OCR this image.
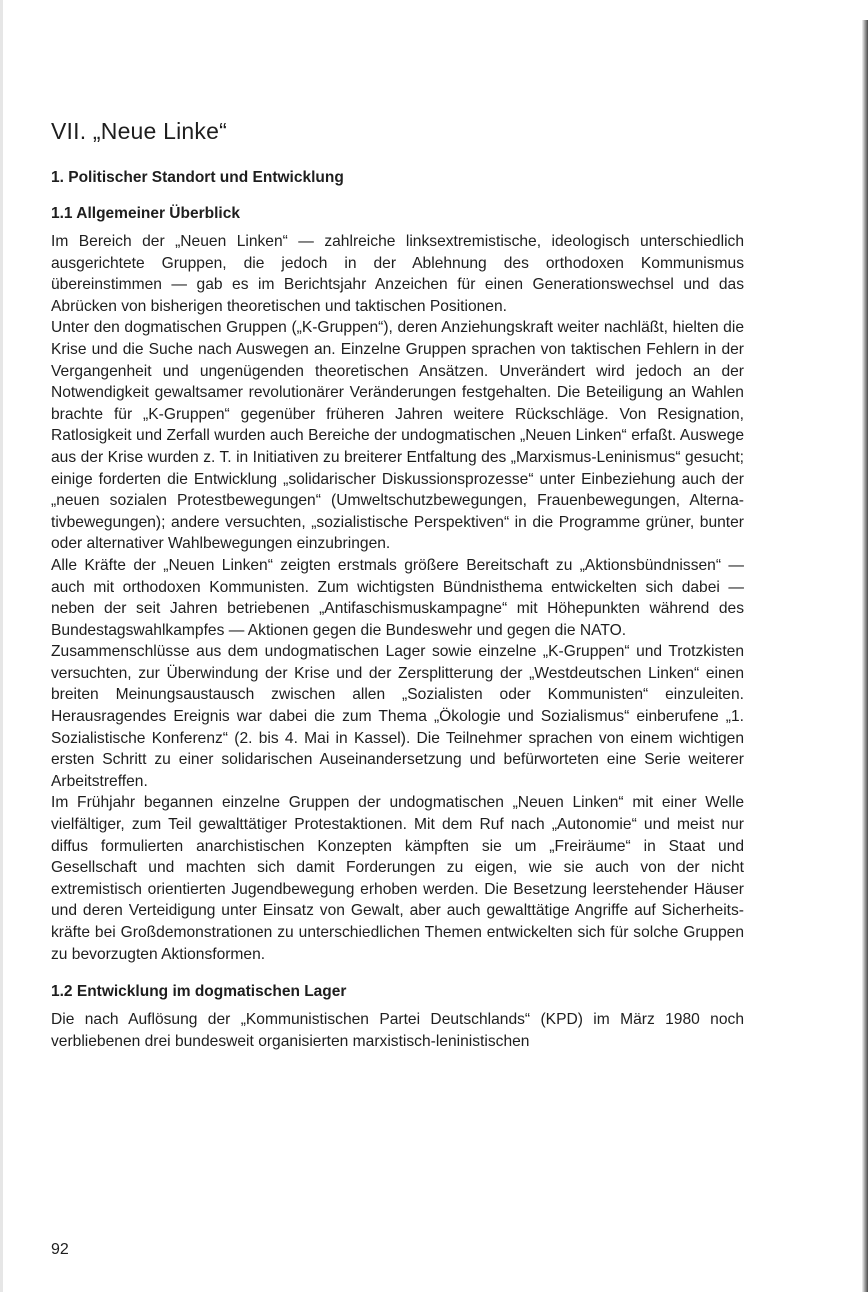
VII. „Neue Linke“
1. Politischer Standort und Entwicklung
1.1 Allgemeiner Überblick

Im Bereich der „Neuen Linken“ — zahlreiche linksextremistische, ideologisch unterschiedlich ausgerichtete Gruppen, die jedoch in der Ablehnung des orthodoxen Kommunismus übereinstimmen — gab es im Berichtsjahr Anzeichen für einen Generationswechsel und das Abrücken von bisherigen theoretischen und taktischen Positionen.

Unter den dogmatischen Gruppen („K-Gruppen“), deren Anziehungskraft weiter nachläßt, hielten die Krise und die Suche nach Auswegen an. Einzelne Gruppen sprachen von taktischen Fehlern in der Vergangenheit und ungenügenden theoretischen Ansätzen. Unverändert wird jedoch an der Notwendigkeit gewaltsamer revolutionärer Veränderungen festgehalten. Die Beteiligung an Wahlen brachte für „K-Gruppen“ gegenüber früheren Jahren weitere Rückschläge. Von Resignation, Ratlosigkeit und Zerfall wurden auch Bereiche der undogmatischen „Neuen Linken“ erfaßt. Auswege aus der Krise wurden z. T. in Initiativen zu breiterer Entfaltung des „Marxismus-Leninismus“ gesucht; einige forderten die Entwicklung „solidarischer Diskussionsprozesse“ unter Einbeziehung auch der „neuen sozialen Protestbewegungen“ (Umweltschutzbewegungen, Frauenbewegungen, Alternativbewegungen); andere versuchten, „sozialistische Perspektiven“ in die Programme grüner, bunter oder alternativer Wahlbewegungen einzubringen.

Alle Kräfte der „Neuen Linken“ zeigten erstmals größere Bereitschaft zu „Aktionsbündnissen“ — auch mit orthodoxen Kommunisten. Zum wichtigsten Bündnisthema entwickelten sich dabei — neben der seit Jahren betriebenen „Antifaschismuskampagne“ mit Höhepunkten während des Bundestagswahlkampfes — Aktionen gegen die Bundeswehr und gegen die NATO.

Zusammenschlüsse aus dem undogmatischen Lager sowie einzelne „K-Gruppen“ und Trotzkisten versuchten, zur Überwindung der Krise und der Zersplitterung der „Westdeutschen Linken“ einen breiten Meinungsaustausch zwischen allen „Sozialisten oder Kommunisten“ einzuleiten. Herausragendes Ereignis war dabei die zum Thema „Ökologie und Sozialismus“ einberufene „1. Sozialistische Konferenz“ (2. bis 4. Mai in Kassel). Die Teilnehmer sprachen von einem wichtigen ersten Schritt zu einer solidarischen Auseinandersetzung und befürworteten eine Serie weiterer Arbeitstreffen.

Im Frühjahr begannen einzelne Gruppen der undogmatischen „Neuen Linken“ mit einer Welle vielfältiger, zum Teil gewalttätiger Protestaktionen. Mit dem Ruf nach „Autonomie“ und meist nur diffus formulierten anarchistischen Konzepten kämpften sie um „Freiräume“ in Staat und Gesellschaft und machten sich damit Forderungen zu eigen, wie sie auch von der nicht extremistisch orientierten Jugendbewegung erhoben werden. Die Besetzung leerstehender Häuser und deren Verteidigung unter Einsatz von Gewalt, aber auch gewalttätige Angriffe auf Sicherheitskräfte bei Großdemonstrationen zu unterschiedlichen Themen entwickelten sich für solche Gruppen zu bevorzugten Aktionsformen.

1.2 Entwicklung im dogmatischen Lager

Die nach Auflösung der „Kommunistischen Partei Deutschlands“ (KPD) im März 1980 noch verbliebenen drei bundesweit organisierten marxistisch-leninistischen

92
